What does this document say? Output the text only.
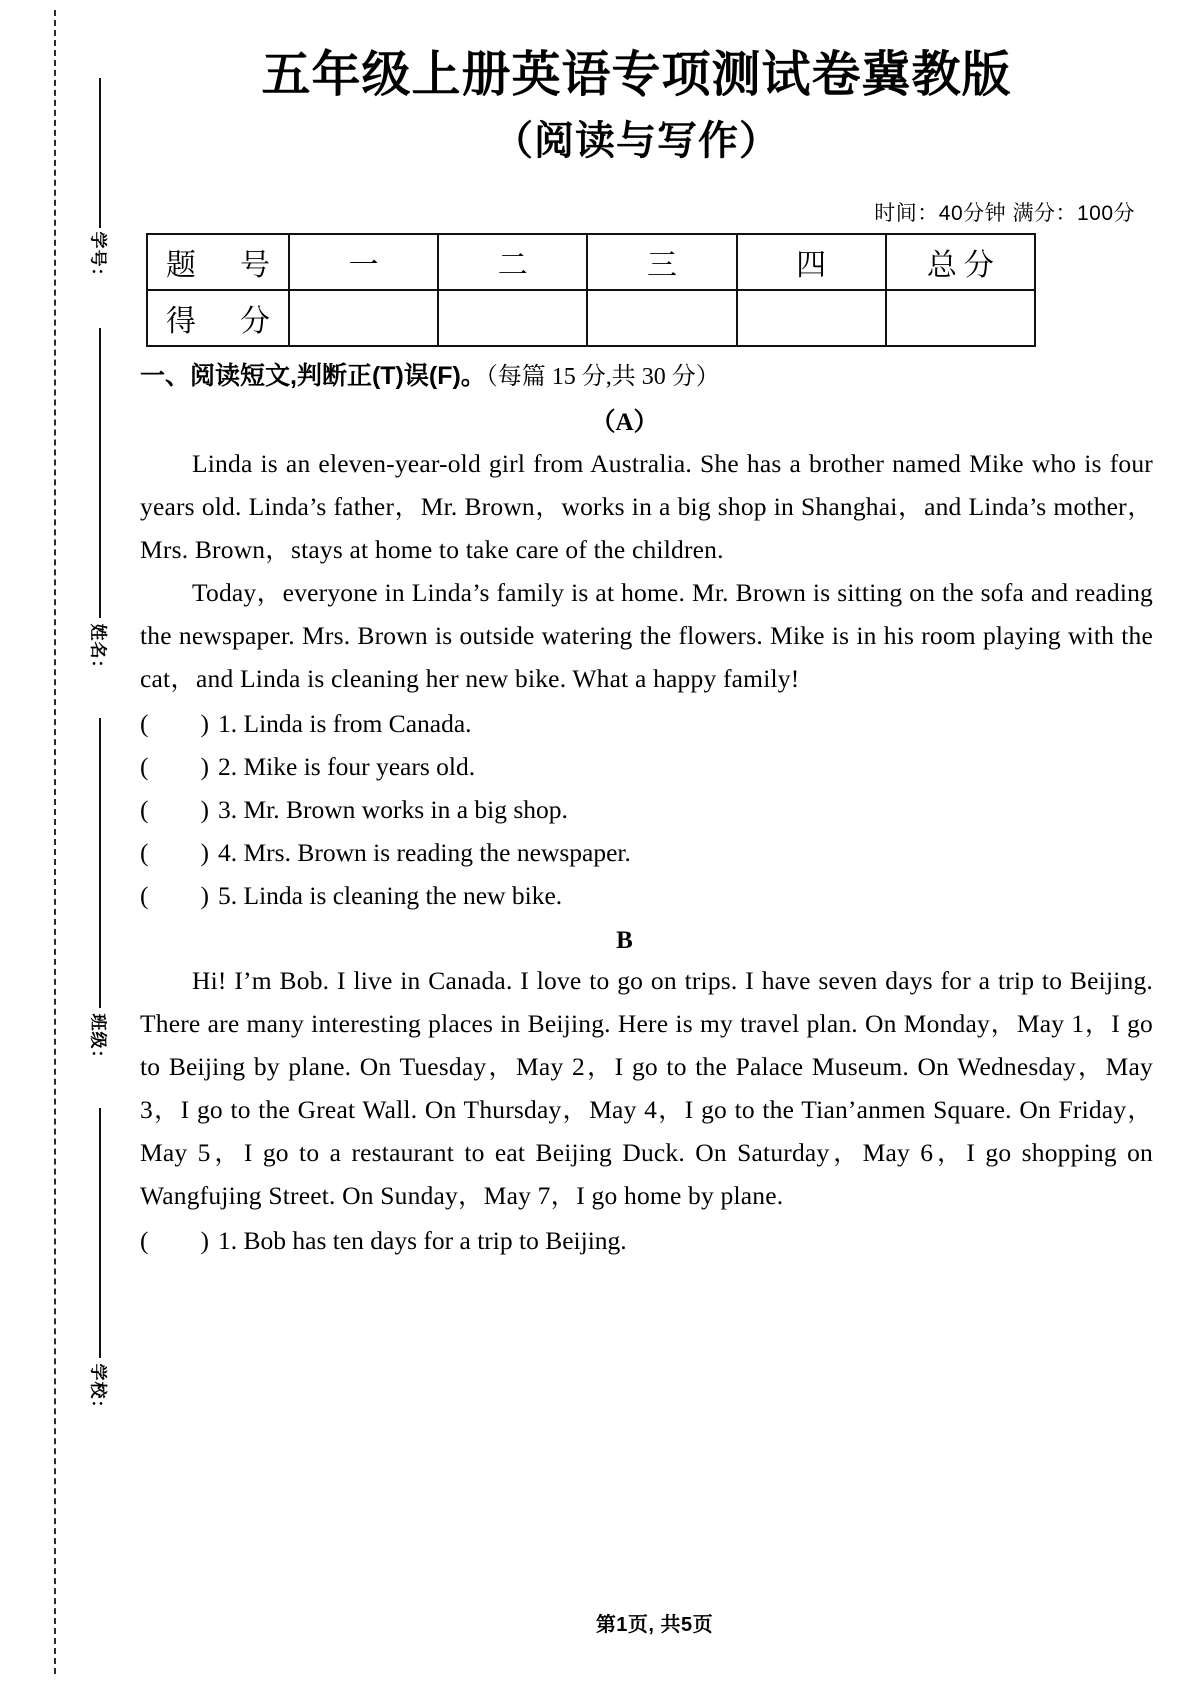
学号：
姓名：
班级：
学校：
五年级上册英语专项测试卷冀教版
（阅读与写作）
时间：40分钟 满分：100分
题　号	一	二	三	四	总分
得　分					
一、阅读短文,判断正(T)误(F)。（每篇 15 分,共 30 分）
（A）

Linda is an eleven-year-old girl from Australia. She has a brother named Mike who is four years old. Linda’s father，Mr. Brown，works in a big shop in Shanghai，and Linda’s mother，Mrs. Brown，stays at home to take care of the children.

Today，everyone in Linda’s family is at home. Mr. Brown is sitting on the sofa and reading the newspaper. Mrs. Brown is outside watering the flowers. Mike is in his room playing with the cat，and Linda is cleaning her new bike. What a happy family!

( ) 1. Linda is from Canada.
( ) 2. Mike is four years old.
( ) 3. Mr. Brown works in a big shop.
( ) 4. Mrs. Brown is reading the newspaper.
( ) 5. Linda is cleaning the new bike.
B

Hi! I’m Bob. I live in Canada. I love to go on trips. I have seven days for a trip to Beijing. There are many interesting places in Beijing. Here is my travel plan. On Monday，May 1，I go to Beijing by plane. On Tuesday，May 2，I go to the Palace Museum. On Wednesday，May 3，I go to the Great Wall. On Thursday，May 4，I go to the Tian’anmen Square. On Friday，May 5，I go to a restaurant to eat Beijing Duck. On Saturday，May 6，I go shopping on Wangfujing Street. On Sunday，May 7，I go home by plane.

( ) 1. Bob has ten days for a trip to Beijing.
第1页, 共5页
